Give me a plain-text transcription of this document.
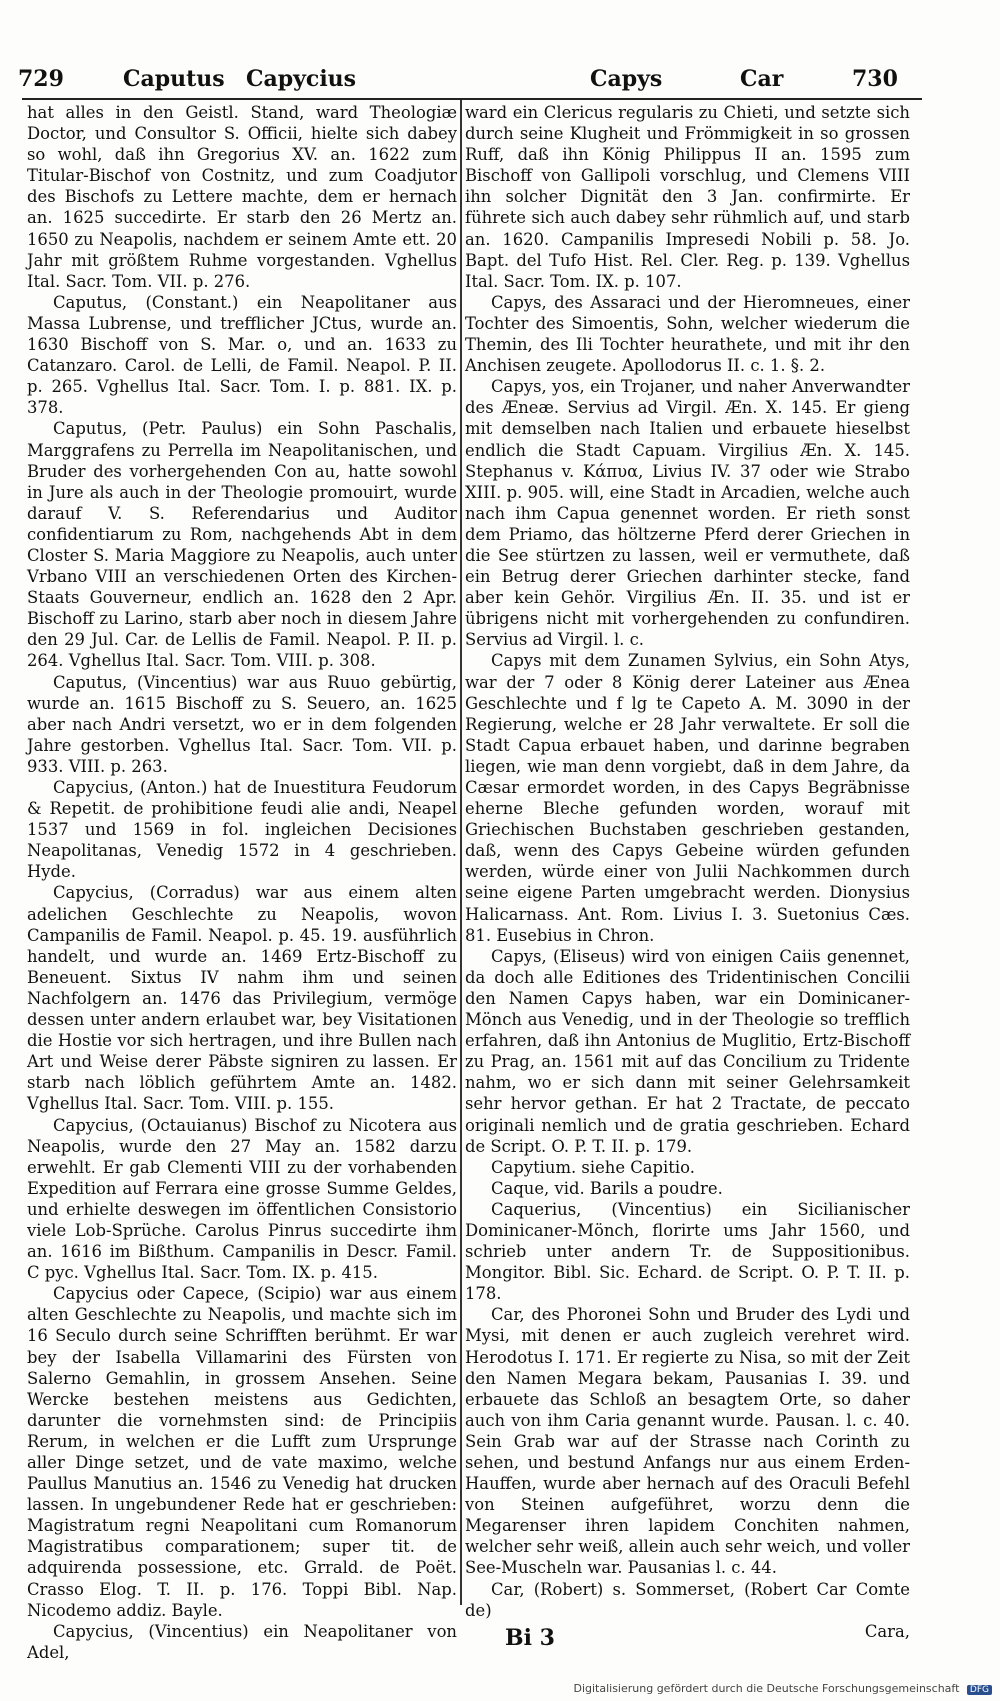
729	Caputus Capycius	Capys	Car	730

hat alles in den Geistl. Stand, ward Theologiæ Doctor, und Consultor S. Officii, hielte sich dabey so wohl, daß ihn Gregorius XV. an. 1622 zum Titular-Bischof von Costnitz, und zum Coadjutor des Bischofs zu Lettere machte, dem er hernach an. 1625 succedirte. Er starb den 26 Mertz an. 1650 zu Neapolis, nachdem er seinem Amte ett. 20 Jahr mit größtem Ruhme vorgestanden. Vghellus Ital. Sacr. Tom. VII. p. 276.

Caputus, (Constant.) ein Neapolitaner aus Massa Lubrense, und trefflicher JCtus, wurde an. 1630 Bischoff von S. Mar. o, und an. 1633 zu Catanzaro. Carol. de Lelli, de Famil. Neapol. P. II. p. 265. Vghellus Ital. Sacr. Tom. I. p. 881. IX. p. 378.

Caputus, (Petr. Paulus) ein Sohn Paschalis, Marggrafens zu Perrella im Neapolitanischen, und Bruder des vorhergehenden Con au, hatte sowohl in Jure als auch in der Theologie promouirt, wurde darauf V. S. Referendarius und Auditor confidentiarum zu Rom, nachgehends Abt in dem Closter S. Maria Maggiore zu Neapolis, auch unter Vrbano VIII an verschiedenen Orten des Kirchen-Staats Gouverneur, endlich an. 1628 den 2 Apr. Bischoff zu Larino, starb aber noch in diesem Jahre den 29 Jul. Car. de Lellis de Famil. Neapol. P. II. p. 264. Vghellus Ital. Sacr. Tom. VIII. p. 308.

Caputus, (Vincentius) war aus Ruuo gebürtig, wurde an. 1615 Bischoff zu S. Seuero, an. 1625 aber nach Andri versetzt, wo er in dem folgenden Jahre gestorben. Vghellus Ital. Sacr. Tom. VII. p. 933. VIII. p. 263.

Capycius, (Anton.) hat de Inuestitura Feudorum & Repetit. de prohibitione feudi alie andi, Neapel 1537 und 1569 in fol. ingleichen Decisiones Neapolitanas, Venedig 1572 in 4 geschrieben. Hyde.

Capycius, (Corradus) war aus einem alten adelichen Geschlechte zu Neapolis, wovon Campanilis de Famil. Neapol. p. 45. 19. ausführlich handelt, und wurde an. 1469 Ertz-Bischoff zu Beneuent. Sixtus IV nahm ihm und seinen Nachfolgern an. 1476 das Privilegium, vermöge dessen unter andern erlaubet war, bey Visitationen die Hostie vor sich hertragen, und ihre Bullen nach Art und Weise derer Päbste signiren zu lassen. Er starb nach löblich geführtem Amte an. 1482. Vghellus Ital. Sacr. Tom. VIII. p. 155.

Capycius, (Octauianus) Bischof zu Nicotera aus Neapolis, wurde den 27 May an. 1582 darzu erwehlt. Er gab Clementi VIII zu der vorhabenden Expedition auf Ferrara eine grosse Summe Geldes, und erhielte deswegen im öffentlichen Consistorio viele Lob-Sprüche. Carolus Pinrus succedirte ihm an. 1616 im Bißthum. Campanilis in Descr. Famil. C pyc. Vghellus Ital. Sacr. Tom. IX. p. 415.

Capycius oder Capece, (Scipio) war aus einem alten Geschlechte zu Neapolis, und machte sich im 16 Seculo durch seine Schrifften berühmt. Er war bey der Isabella Villamarini des Fürsten von Salerno Gemahlin, in grossem Ansehen. Seine Wercke bestehen meistens aus Gedichten, darunter die vornehmsten sind: de Principiis Rerum, in welchen er die Lufft zum Ursprunge aller Dinge setzet, und de vate maximo, welche Paullus Manutius an. 1546 zu Venedig hat drucken lassen. In ungebundener Rede hat er geschrieben: Magistratum regni Neapolitani cum Romanorum Magistratibus comparationem; super tit. de adquirenda possessione, etc. Grrald. de Poët. Crasso Elog. T. II. p. 176. Toppi Bibl. Nap. Nicodemo addiz. Bayle.

Capycius, (Vincentius) ein Neapolitaner von Adel,

ward ein Clericus regularis zu Chieti, und setzte sich durch seine Klugheit und Frömmigkeit in so grossen Ruff, daß ihn König Philippus II an. 1595 zum Bischoff von Gallipoli vorschlug, und Clemens VIII ihn solcher Dignität den 3 Jan. confirmirte. Er führete sich auch dabey sehr rühmlich auf, und starb an. 1620. Campanilis Impresedi Nobili p. 58. Jo. Bapt. del Tufo Hist. Rel. Cler. Reg. p. 139. Vghellus Ital. Sacr. Tom. IX. p. 107.

Capys, des Assaraci und der Hieromneues, einer Tochter des Simoentis, Sohn, welcher wiederum die Themin, des Ili Tochter heurathete, und mit ihr den Anchisen zeugete. Apollodorus II. c. 1. §. 2.

Capys, yos, ein Trojaner, und naher Anverwandter des Æneæ. Servius ad Virgil. Æn. X. 145. Er gieng mit demselben nach Italien und erbauete hieselbst endlich die Stadt Capuam. Virgilius Æn. X. 145. Stephanus v. Κάπυα, Livius IV. 37 oder wie Strabo XIII. p. 905. will, eine Stadt in Arcadien, welche auch nach ihm Capua genennet worden. Er rieth sonst dem Priamo, das höltzerne Pferd derer Griechen in die See stürtzen zu lassen, weil er vermuthete, daß ein Betrug derer Griechen darhinter stecke, fand aber kein Gehör. Virgilius Æn. II. 35. und ist er übrigens nicht mit vorhergehenden zu confundiren. Servius ad Virgil. l. c.

Capys mit dem Zunamen Sylvius, ein Sohn Atys, war der 7 oder 8 König derer Lateiner aus Ænea Geschlechte und f lg te Capeto A. M. 3090 in der Regierung, welche er 28 Jahr verwaltete. Er soll die Stadt Capua erbauet haben, und darinne begraben liegen, wie man denn vorgiebt, daß in dem Jahre, da Cæsar ermordet worden, in des Capys Begräbnisse eherne Bleche gefunden worden, worauf mit Griechischen Buchstaben geschrieben gestanden, daß, wenn des Capys Gebeine würden gefunden werden, würde einer von Julii Nachkommen durch seine eigene Parten umgebracht werden. Dionysius Halicarnass. Ant. Rom. Livius I. 3. Suetonius Cæs. 81. Eusebius in Chron.

Capys, (Eliseus) wird von einigen Caiis genennet, da doch alle Editiones des Tridentinischen Concilii den Namen Capys haben, war ein Dominicaner-Mönch aus Venedig, und in der Theologie so trefflich erfahren, daß ihn Antonius de Muglitio, Ertz-Bischoff zu Prag, an. 1561 mit auf das Concilium zu Tridente nahm, wo er sich dann mit seiner Gelehrsamkeit sehr hervor gethan. Er hat 2 Tractate, de peccato originali nemlich und de gratia geschrieben. Echard de Script. O. P. T. II. p. 179.

Capytium. siehe Capitio.

Caque, vid. Barils a poudre.

Caquerius, (Vincentius) ein Sicilianischer Dominicaner-Mönch, florirte ums Jahr 1560, und schrieb unter andern Tr. de Suppositionibus. Mongitor. Bibl. Sic. Echard. de Script. O. P. T. II. p. 178.

Car, des Phoronei Sohn und Bruder des Lydi und Mysi, mit denen er auch zugleich verehret wird. Herodotus I. 171. Er regierte zu Nisa, so mit der Zeit den Namen Megara bekam, Pausanias I. 39. und erbauete das Schloß an besagtem Orte, so daher auch von ihm Caria genannt wurde. Pausan. l. c. 40. Sein Grab war auf der Strasse nach Corinth zu sehen, und bestund Anfangs nur aus einem Erden-Hauffen, wurde aber hernach auf des Oraculi Befehl von Steinen aufgeführet, worzu denn die Megarenser ihren lapidem Conchiten nahmen, welcher sehr weiß, allein auch sehr weich, und voller See-Muscheln war. Pausanias l. c. 44.

Car, (Robert) s. Sommerset, (Robert Car Comte de)

Cara,

Bi 3
Digitalisierung gefördert durch die Deutsche Forschungsgemeinschaft DFG
